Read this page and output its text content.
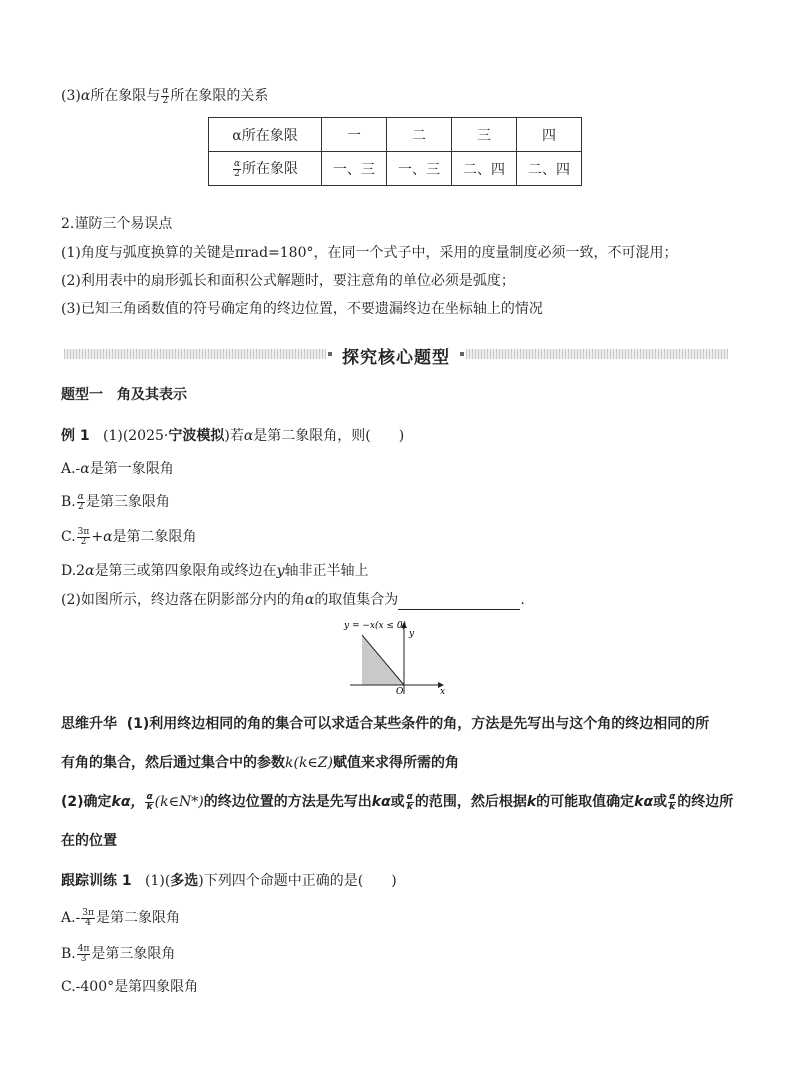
(3)α所在象限与 $\frac{\alpha}{2}$ 所在象限的关系
α所在象限	一	二	三	四

$\frac{\alpha}{2}$ 所在象限	一、三	一、三	二、四	二、四
2.谨防三个易误点
(1)角度与弧度换算的关键是πrad=180°，在同一个式子中，采用的度量制度必须一致，不可混用；
(2)利用表中的扇形弧长和面积公式解题时，要注意角的单位必须是弧度；
(3)已知三角函数值的符号确定角的终边位置，不要遗漏终边在坐标轴上的情况
探究核心题型
题型一　角及其表示
例 1 (1)(2025·宁波模拟)若α是第二象限角，则(　　)
A.-α是第一象限角
B. $\frac{\alpha}{2}$ 是第三象限角
C. $\frac{3\pi}{2} +\alpha$是第二象限角
D.2α是第三或第四象限角或终边在y轴非正半轴上
(2)如图所示，终边落在阴影部分内的角α的取值集合为	.
y = −x(x ≤ 0)
y
x
O
思维升华 (1)利用终边相同的角的集合可以求适合某些条件的角，方法是先写出与这个角的终边相同的所
有角的集合，然后通过集合中的参数k(k∈Z)赋值来求得所需的角
(2)确定kα， $\frac{\alpha}{k}$ (k∈N*)的终边位置的方法是先写出kα或 $\frac{\alpha}{k}$ 的范围，然后根据k的可能取值确定kα或 $\frac{\alpha}{k}$ 的终边所
在的位置
跟踪训练 1 (1)(多选)下列四个命题中正确的是(　　)
$A.- \frac{3\pi}{4}$ 是第二象限角
B. $\frac{4\pi}{3}$ 是第三象限角
C.-400°是第四象限角
